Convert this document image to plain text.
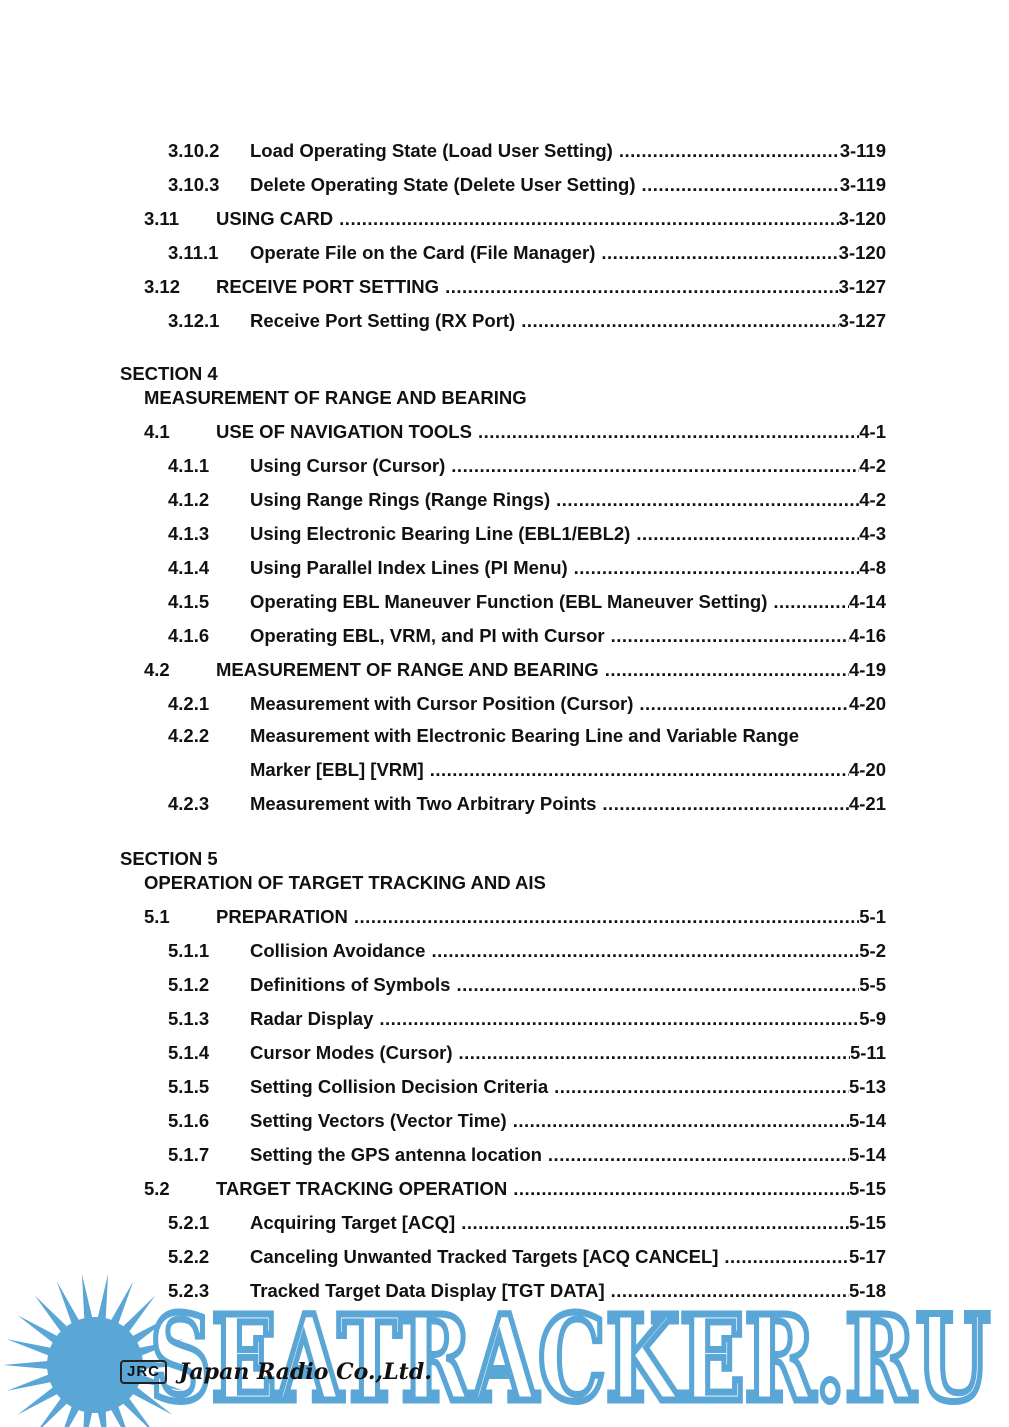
3.10.2 Load Operating State (Load User Setting) .....	3-119
3.10.3 Delete Operating State (Delete User Setting) .....	3-119
3.11 USING CARD .....	3-120
3.11.1 Operate File on the Card (File Manager) .....	3-120
3.12 RECEIVE PORT SETTING .....	3-127
3.12.1 Receive Port Setting (RX Port) .....	3-127
SECTION 4
MEASUREMENT OF RANGE AND BEARING
4.1	USE OF NAVIGATION TOOLS .....	4-1
4.1.1 Using Cursor (Cursor) .....	4-2
4.1.2 Using Range Rings (Range Rings) .....	4-2
4.1.3 Using Electronic Bearing Line (EBL1/EBL2) .....	4-3
4.1.4 Using Parallel Index Lines (PI Menu) .....	4-8
4.1.5 Operating EBL Maneuver Function (EBL Maneuver Setting) .....	4-14
4.1.6 Operating EBL, VRM, and PI with Cursor .....	4-16
4.2	MEASUREMENT OF RANGE AND BEARING .....	4-19
4.2.1 Measurement with Cursor Position (Cursor) .....	4-20
4.2.2 Measurement with Electronic Bearing Line and Variable Range
Marker [EBL] [VRM] .....	4-20
4.2.3 Measurement with Two Arbitrary Points .....	4-21
SECTION 5
OPERATION OF TARGET TRACKING AND AIS
5.1	PREPARATION .....	5-1
5.1.1 Collision Avoidance .....	5-2
5.1.2 Definitions of Symbols .....	5-5
5.1.3 Radar Display .....	5-9
5.1.4 Cursor Modes (Cursor) .....	5-11
5.1.5 Setting Collision Decision Criteria .....	5-13
5.1.6 Setting Vectors (Vector Time) .....	5-14
5.1.7 Setting the GPS antenna location .....	5-14
5.2	TARGET TRACKING OPERATION .....	5-15
5.2.1 Acquiring Target [ACQ] .....	5-15
5.2.2 Canceling Unwanted Tracked Targets [ACQ CANCEL] .....	5-17
5.2.3 Tracked Target Data Display [TGT DATA] .....	5-18
SEATRACKER.RU
JRC Japan Radio Co.,Ltd.
